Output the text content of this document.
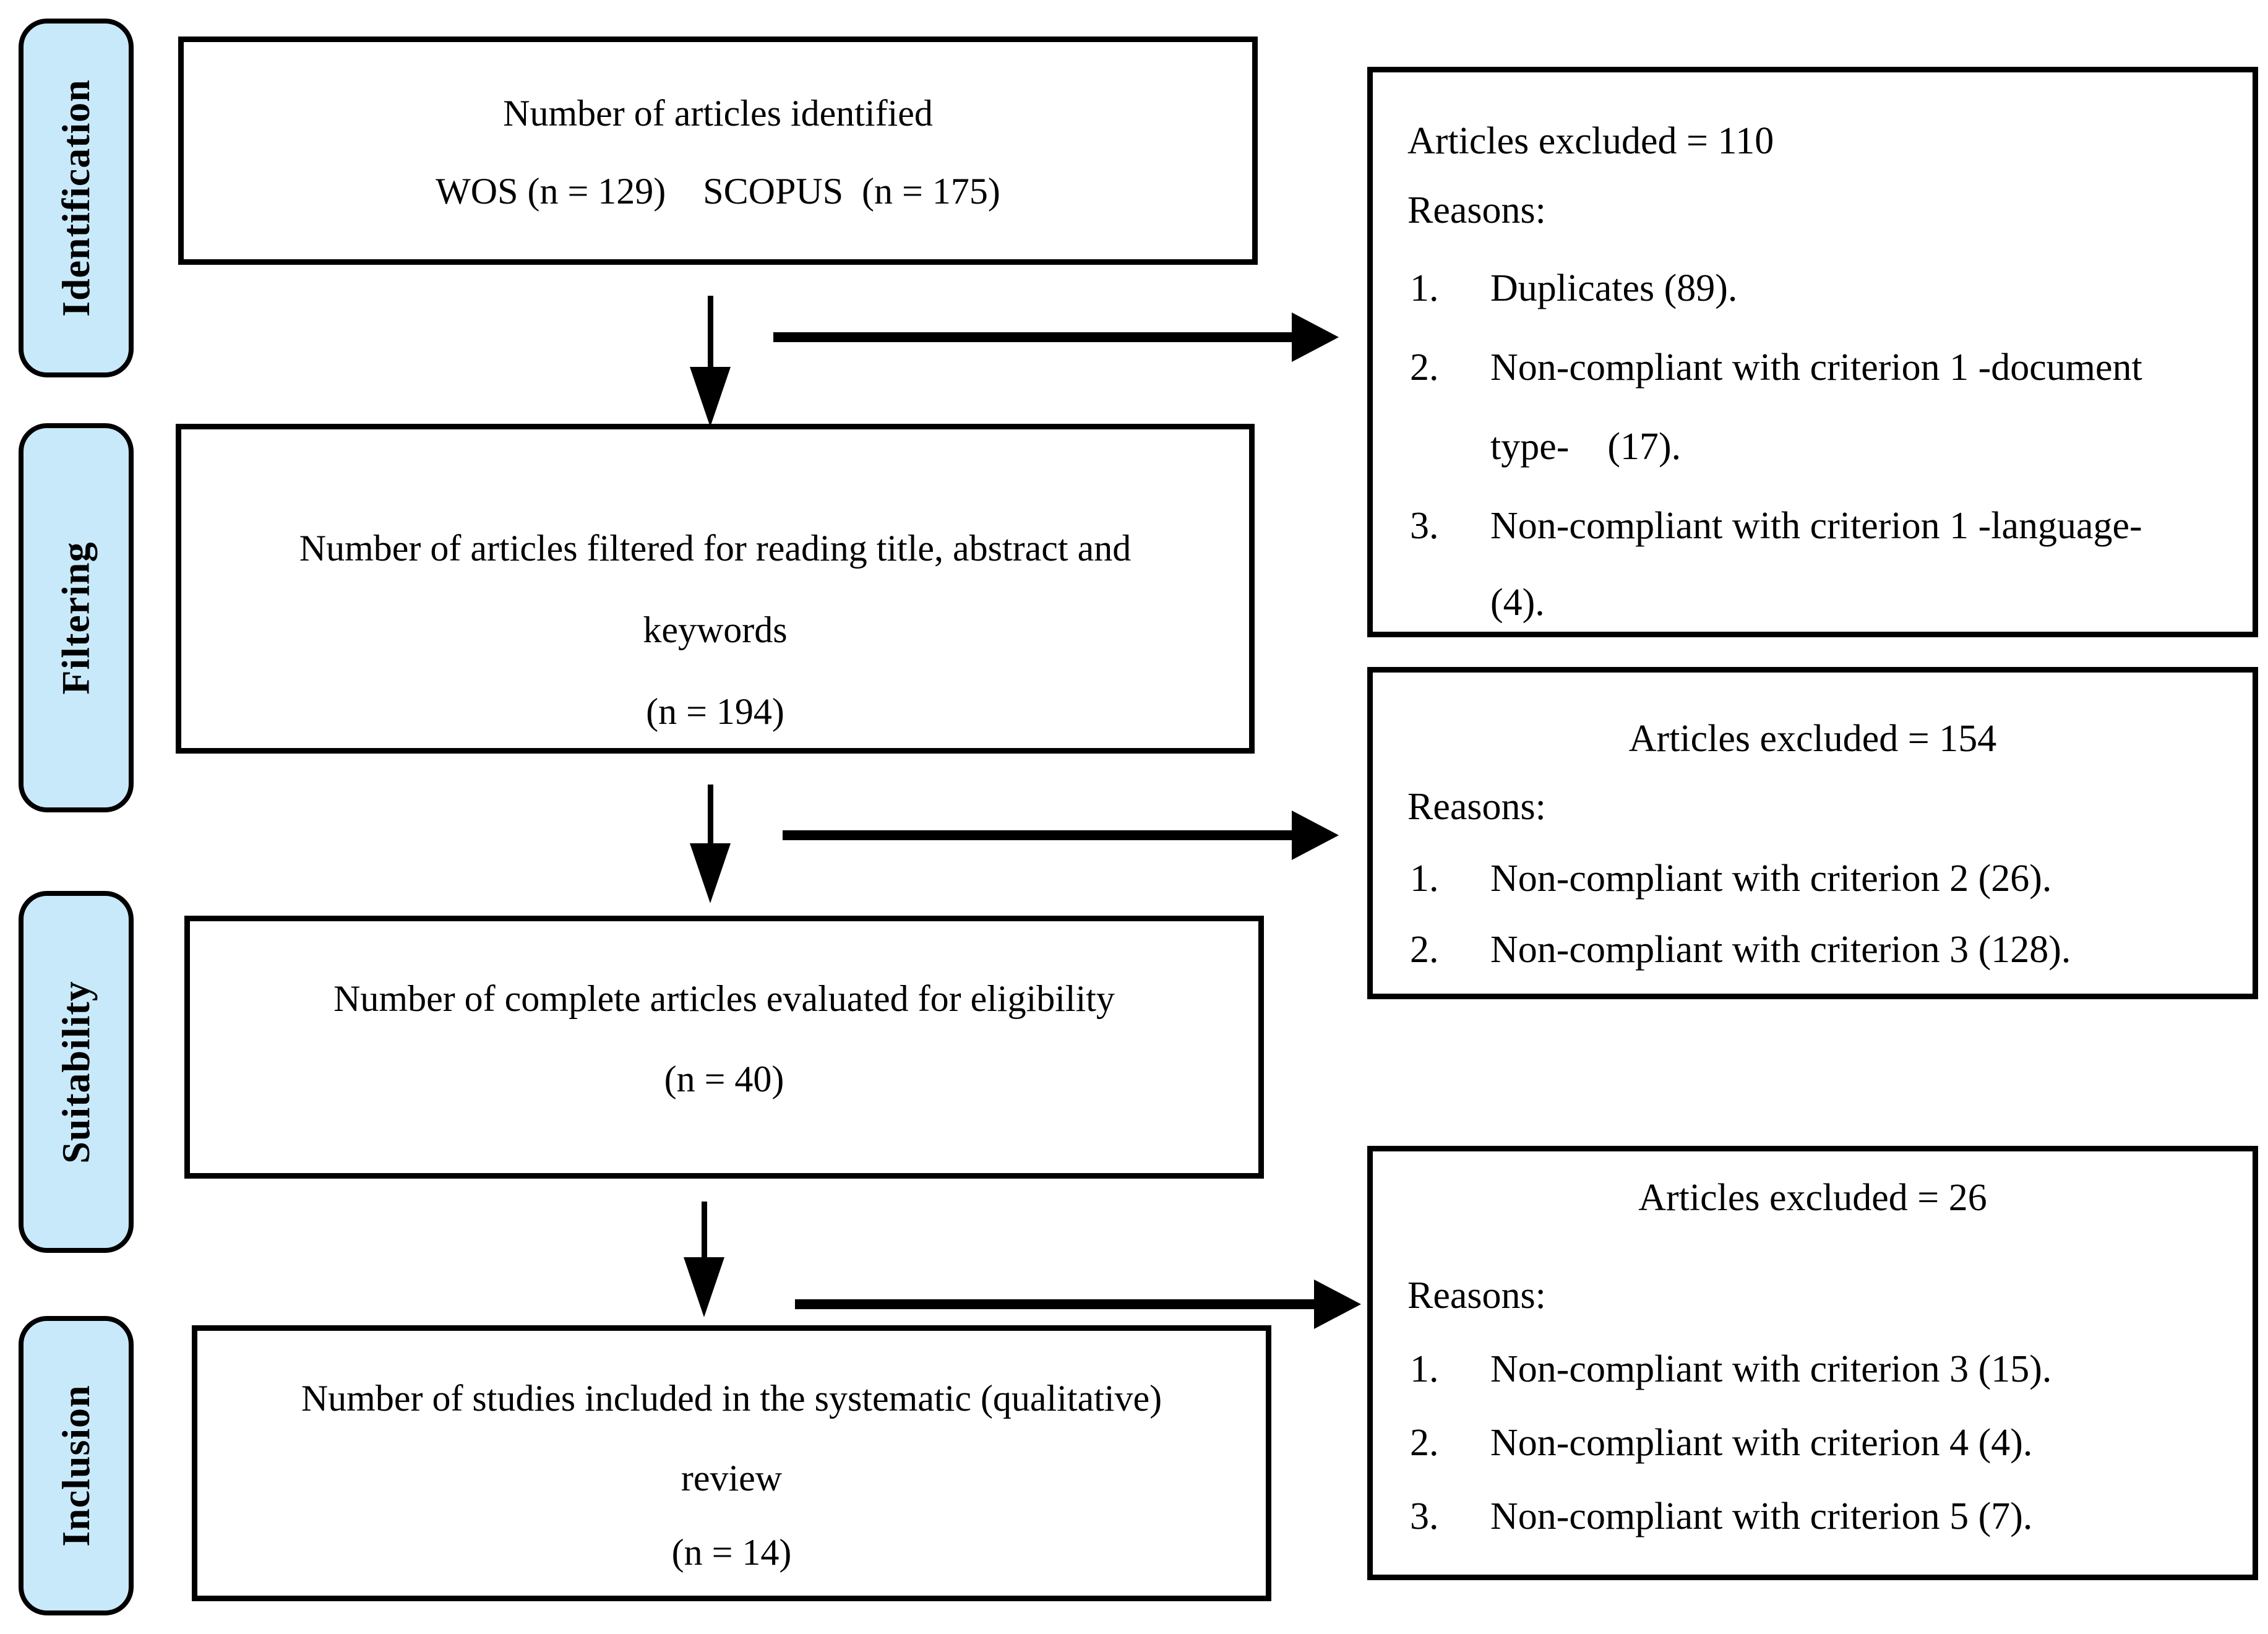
Identification
Filtering
Suitability
Inclusion
Number of articles identified
WOS (n = 129)    SCOPUS  (n = 175)
Number of articles filtered for reading title, abstract and
keywords
(n = 194)
Number of complete articles evaluated for eligibility
(n = 40)
Number of studies included in the systematic (qualitative)
review
(n = 14)
Articles excluded = 110
Reasons:
1.	Duplicates (89).
2.	Non-compliant with criterion 1 -document
type-    (17).
3.	Non-compliant with criterion 1 -language-
(4).
Articles excluded = 154
Reasons:
1.	Non-compliant with criterion 2 (26).
2.	Non-compliant with criterion 3 (128).
Articles excluded = 26
Reasons:
1.	Non-compliant with criterion 3 (15).
2.	Non-compliant with criterion 4 (4).
3.	Non-compliant with criterion 5 (7).
